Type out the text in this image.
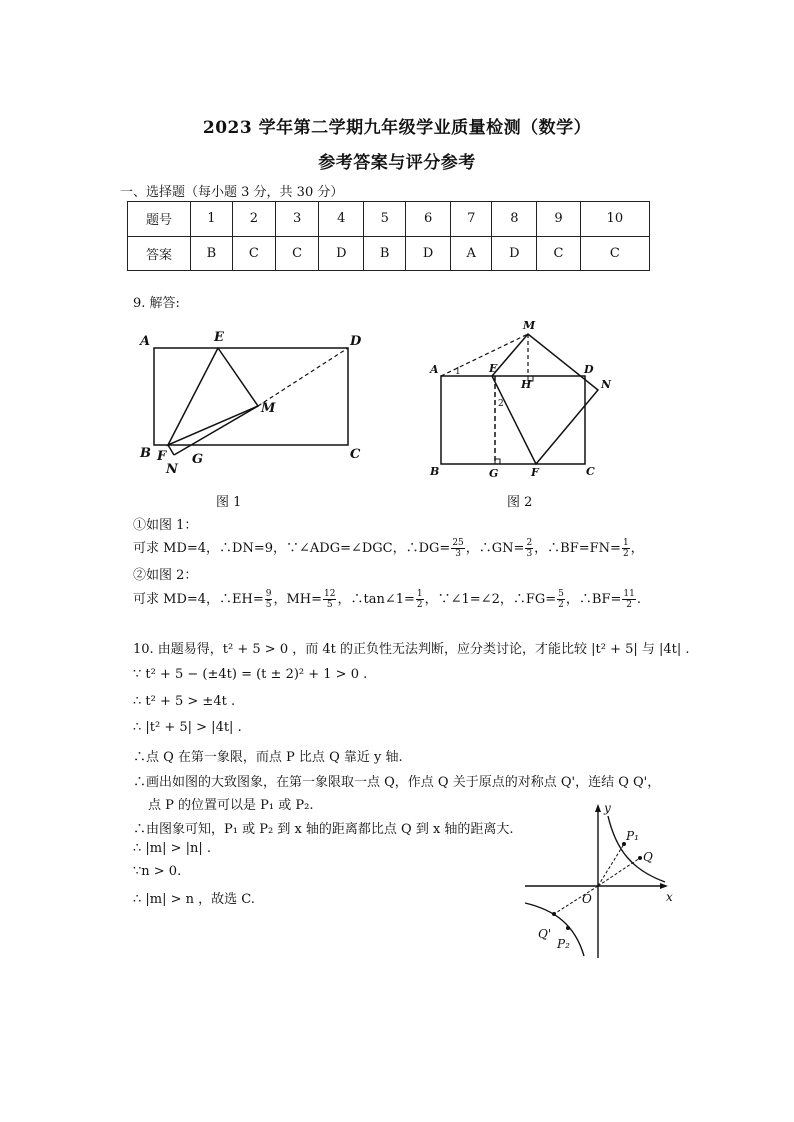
2023 学年第二学期九年级学业质量检测（数学）
参考答案与评分参考
一、选择题（每小题 3 分，共 30 分）
题号	1	2	3	4	5	6	7	8	9	10
答案	B	C	C	D	B	D	A	D	C	C
9. 解答:
A	E	D
M
B F
N
G	C
图 1
M
A 1	E
H
D
N
2
B	G	F	C
图 2
①如图 1：
可求 MD=4，∴DN=9，∵∠ADG=∠DGC，∴DG= $\frac{25}{3}$ ，∴GN= $\frac{2}{3}$ ，∴BF=FN= $\frac{1}{2}$ ，
②如图 2：
可求 MD=4，∴EH= $\frac{9}{5}$ ，$MH= \frac{12}{5}$ ，∴tan∠1= $\frac{1}{2}$ ，∵∠1=∠2，∴FG= $\frac{5}{2}$ ，∴BF= $\frac{11}{2}$ .
10. 由题易得，t² + 5 > 0 ，而 4t 的正负性无法判断，应分类讨论，才能比较 |t² + 5| 与 |4t| .
∵ t² + 5 − (±4t) = (t ± 2)² + 1 > 0 .
∴ t² + 5 > ±4t .
∴ |t² + 5| > |4t| .
∴点 Q 在第一象限，而点 P 比点 Q 靠近 y 轴.
∴画出如图的大致图象，在第一象限取一点 Q，作点 Q 关于原点的对称点 Q'，连结 Q Q'，
点 P 的位置可以是 P₁ 或 P₂.
∴由图象可知，P₁ 或 P₂ 到 x 轴的距离都比点 Q 到 x 轴的距离大.
∴ |m| > |n| .
∵n > 0.
∴ |m| > n ，故选 C.
y
x
O
P₁
Q
Q'
P₂
